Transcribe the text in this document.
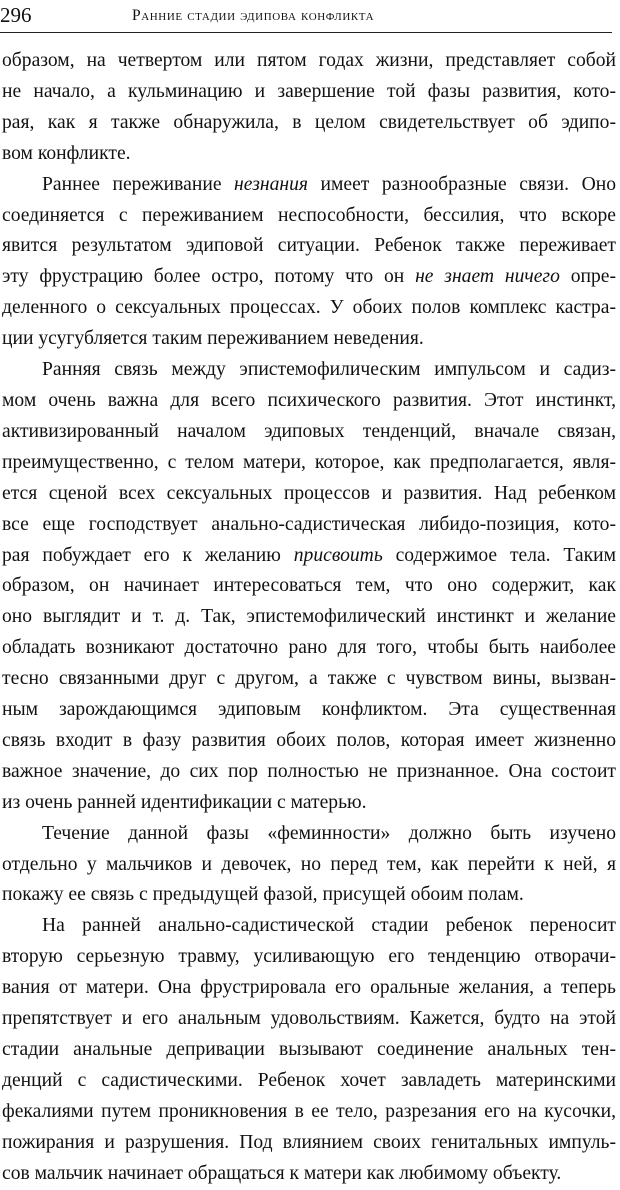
296	Ранние стадии эдипова конфликта

образом, на четвертом или пятом годах жизни, представляет собой
не начало, а кульминацию и завершение той фазы развития, кото-
рая, как я также обнаружила, в целом свидетельствует об эдипо-
вом конфликте.

Раннее переживание незнания имеет разнообразные связи. Оно
соединяется с переживанием неспособности, бессилия, что вскоре
явится результатом эдиповой ситуации. Ребенок также переживает
эту фрустрацию более остро, потому что он не знает ничего опре-
деленного о сексуальных процессах. У обоих полов комплекс кастра-
ции усугубляется таким переживанием неведения.

Ранняя связь между эпистемофилическим импульсом и садиз-
мом очень важна для всего психического развития. Этот инстинкт,
активизированный началом эдиповых тенденций, вначале связан,
преимущественно, с телом матери, которое, как предполагается, явля-
ется сценой всех сексуальных процессов и развития. Над ребенком
все еще господствует анально-садистическая либидо-позиция, кото-
рая побуждает его к желанию присвоить содержимое тела. Таким
образом, он начинает интересоваться тем, что оно содержит, как
оно выглядит и т. д. Так, эпистемофилический инстинкт и желание
обладать возникают достаточно рано для того, чтобы быть наиболее
тесно связанными друг с другом, а также с чувством вины, вызван-
ным зарождающимся эдиповым конфликтом. Эта существенная
связь входит в фазу развития обоих полов, которая имеет жизненно
важное значение, до сих пор полностью не признанное. Она состоит
из очень ранней идентификации с матерью.

Течение данной фазы «феминности» должно быть изучено
отдельно у мальчиков и девочек, но перед тем, как перейти к ней, я
покажу ее связь с предыдущей фазой, присущей обоим полам.

На ранней анально-садистической стадии ребенок переносит
вторую серьезную травму, усиливающую его тенденцию отворачи-
вания от матери. Она фрустрировала его оральные желания, а теперь
препятствует и его анальным удовольствиям. Кажется, будто на этой
стадии анальные депривации вызывают соединение анальных тен-
денций с садистическими. Ребенок хочет завладеть материнскими
фекалиями путем проникновения в ее тело, разрезания его на кусочки,
пожирания и разрушения. Под влиянием своих генитальных импуль-
сов мальчик начинает обращаться к матери как любимому объекту.
